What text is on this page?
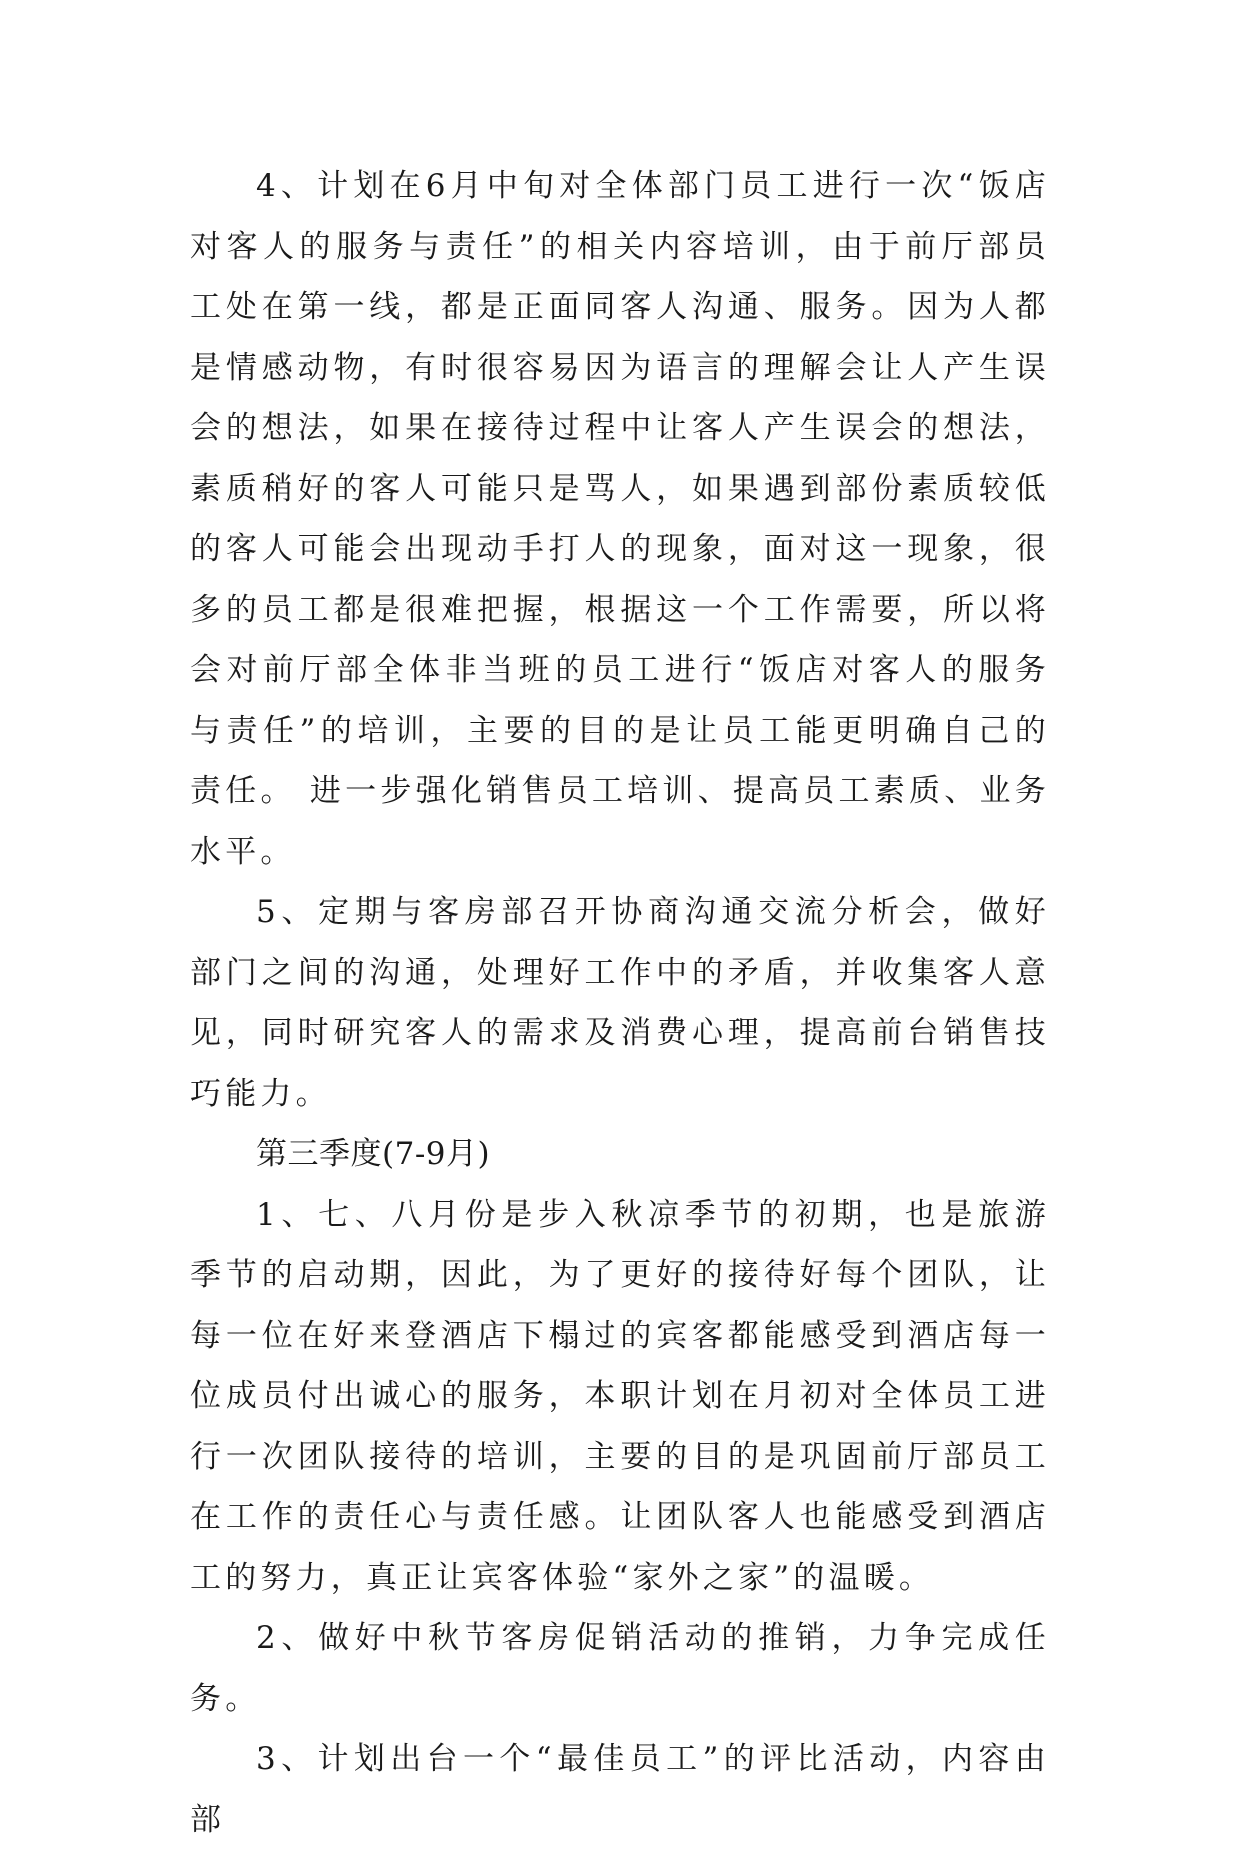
4、计划在6月中旬对全体部门员工进行一次“饭店对客人的服务与责任”的相关内容培训，由于前厅部员工处在第一线，都是正面同客人沟通、服务。因为人都是情感动物，有时很容易因为语言的理解会让人产生误会的想法，如果在接待过程中让客人产生误会的想法，素质稍好的客人可能只是骂人，如果遇到部份素质较低的客人可能会出现动手打人的现象，面对这一现象，很多的员工都是很难把握，根据这一个工作需要，所以将会对前厅部全体非当班的员工进行“饭店对客人的服务与责任”的培训，主要的目的是让员工能更明确自己的责任。 进一步强化销售员工培训、提高员工素质、业务水平。

5、定期与客房部召开协商沟通交流分析会，做好部门之间的沟通，处理好工作中的矛盾，并收集客人意见，同时研究客人的需求及消费心理，提高前台销售技巧能力。

第三季度(7-9月)

1、七、八月份是步入秋凉季节的初期，也是旅游季节的启动期，因此，为了更好的接待好每个团队，让每一位在好来登酒店下榻过的宾客都能感受到酒店每一位成员付出诚心的服务，本职计划在月初对全体员工进行一次团队接待的培训，主要的目的是巩固前厅部员工在工作的责任心与责任感。让团队客人也能感受到酒店工的努力，真正让宾客体验“家外之家”的温暖。

2、做好中秋节客房促销活动的推销，力争完成任务。

3、计划出台一个“最佳员工”的评比活动，内容由部
